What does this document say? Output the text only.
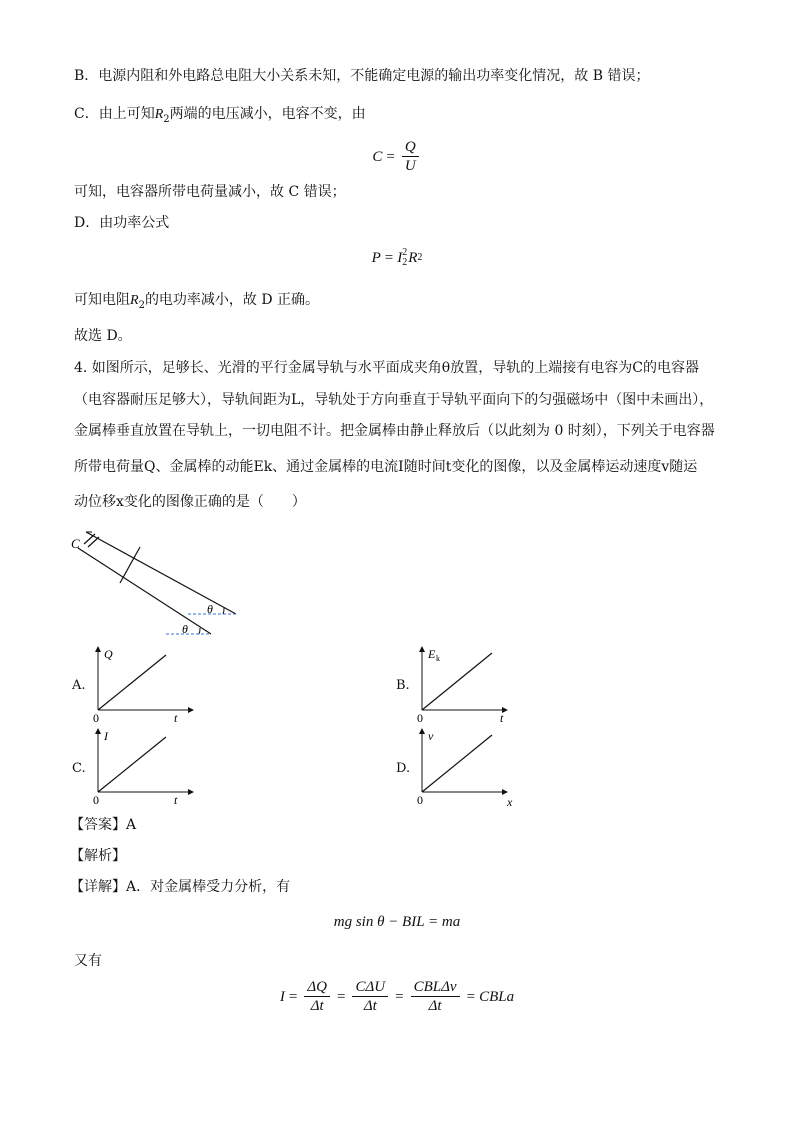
B．电源内阻和外电路总电阻大小关系未知，不能确定电源的输出功率变化情况，故 B 错误；
C．由上可知$R_2$两端的电压减小，电容不变，由
$C = \frac{Q}{U}$
可知，电容器所带电荷量减小，故 C 错误；
D．由功率公式
P = I 2
2 R 2
可知电阻$R_2$的电功率减小，故 D 正确。
故选 D。
4. 如图所示，足够长、光滑的平行金属导轨与水平面成夹角θ放置，导轨的上端接有电容为C的电容器
（电容器耐压足够大），导轨间距为L，导轨处于方向垂直于导轨平面向下的匀强磁场中（图中未画出），
金属棒垂直放置在导轨上，一切电阻不计。把金属棒由静止释放后（以此刻为 0 时刻），下列关于电容器
所带电荷量Q、金属棒的动能Ek、通过金属棒的电流I随时间t变化的图像，以及金属棒运动速度v随运
动位移x变化的图像正确的是（　　）
C
θ
θ
A.
Q
t
0
B.
E k
t
0
C.
I
t
0
D.
v
x
0
【答案】A
【解析】
【详解】A．对金属棒受力分析，有
mg sin θ − BIL = ma
又有
$I = \frac{\Delta Q}{\Delta t} = \frac{\text{CΔU}}{\Delta t} = \frac{\text{CBLΔv}}{\Delta t}$ = CBLa
